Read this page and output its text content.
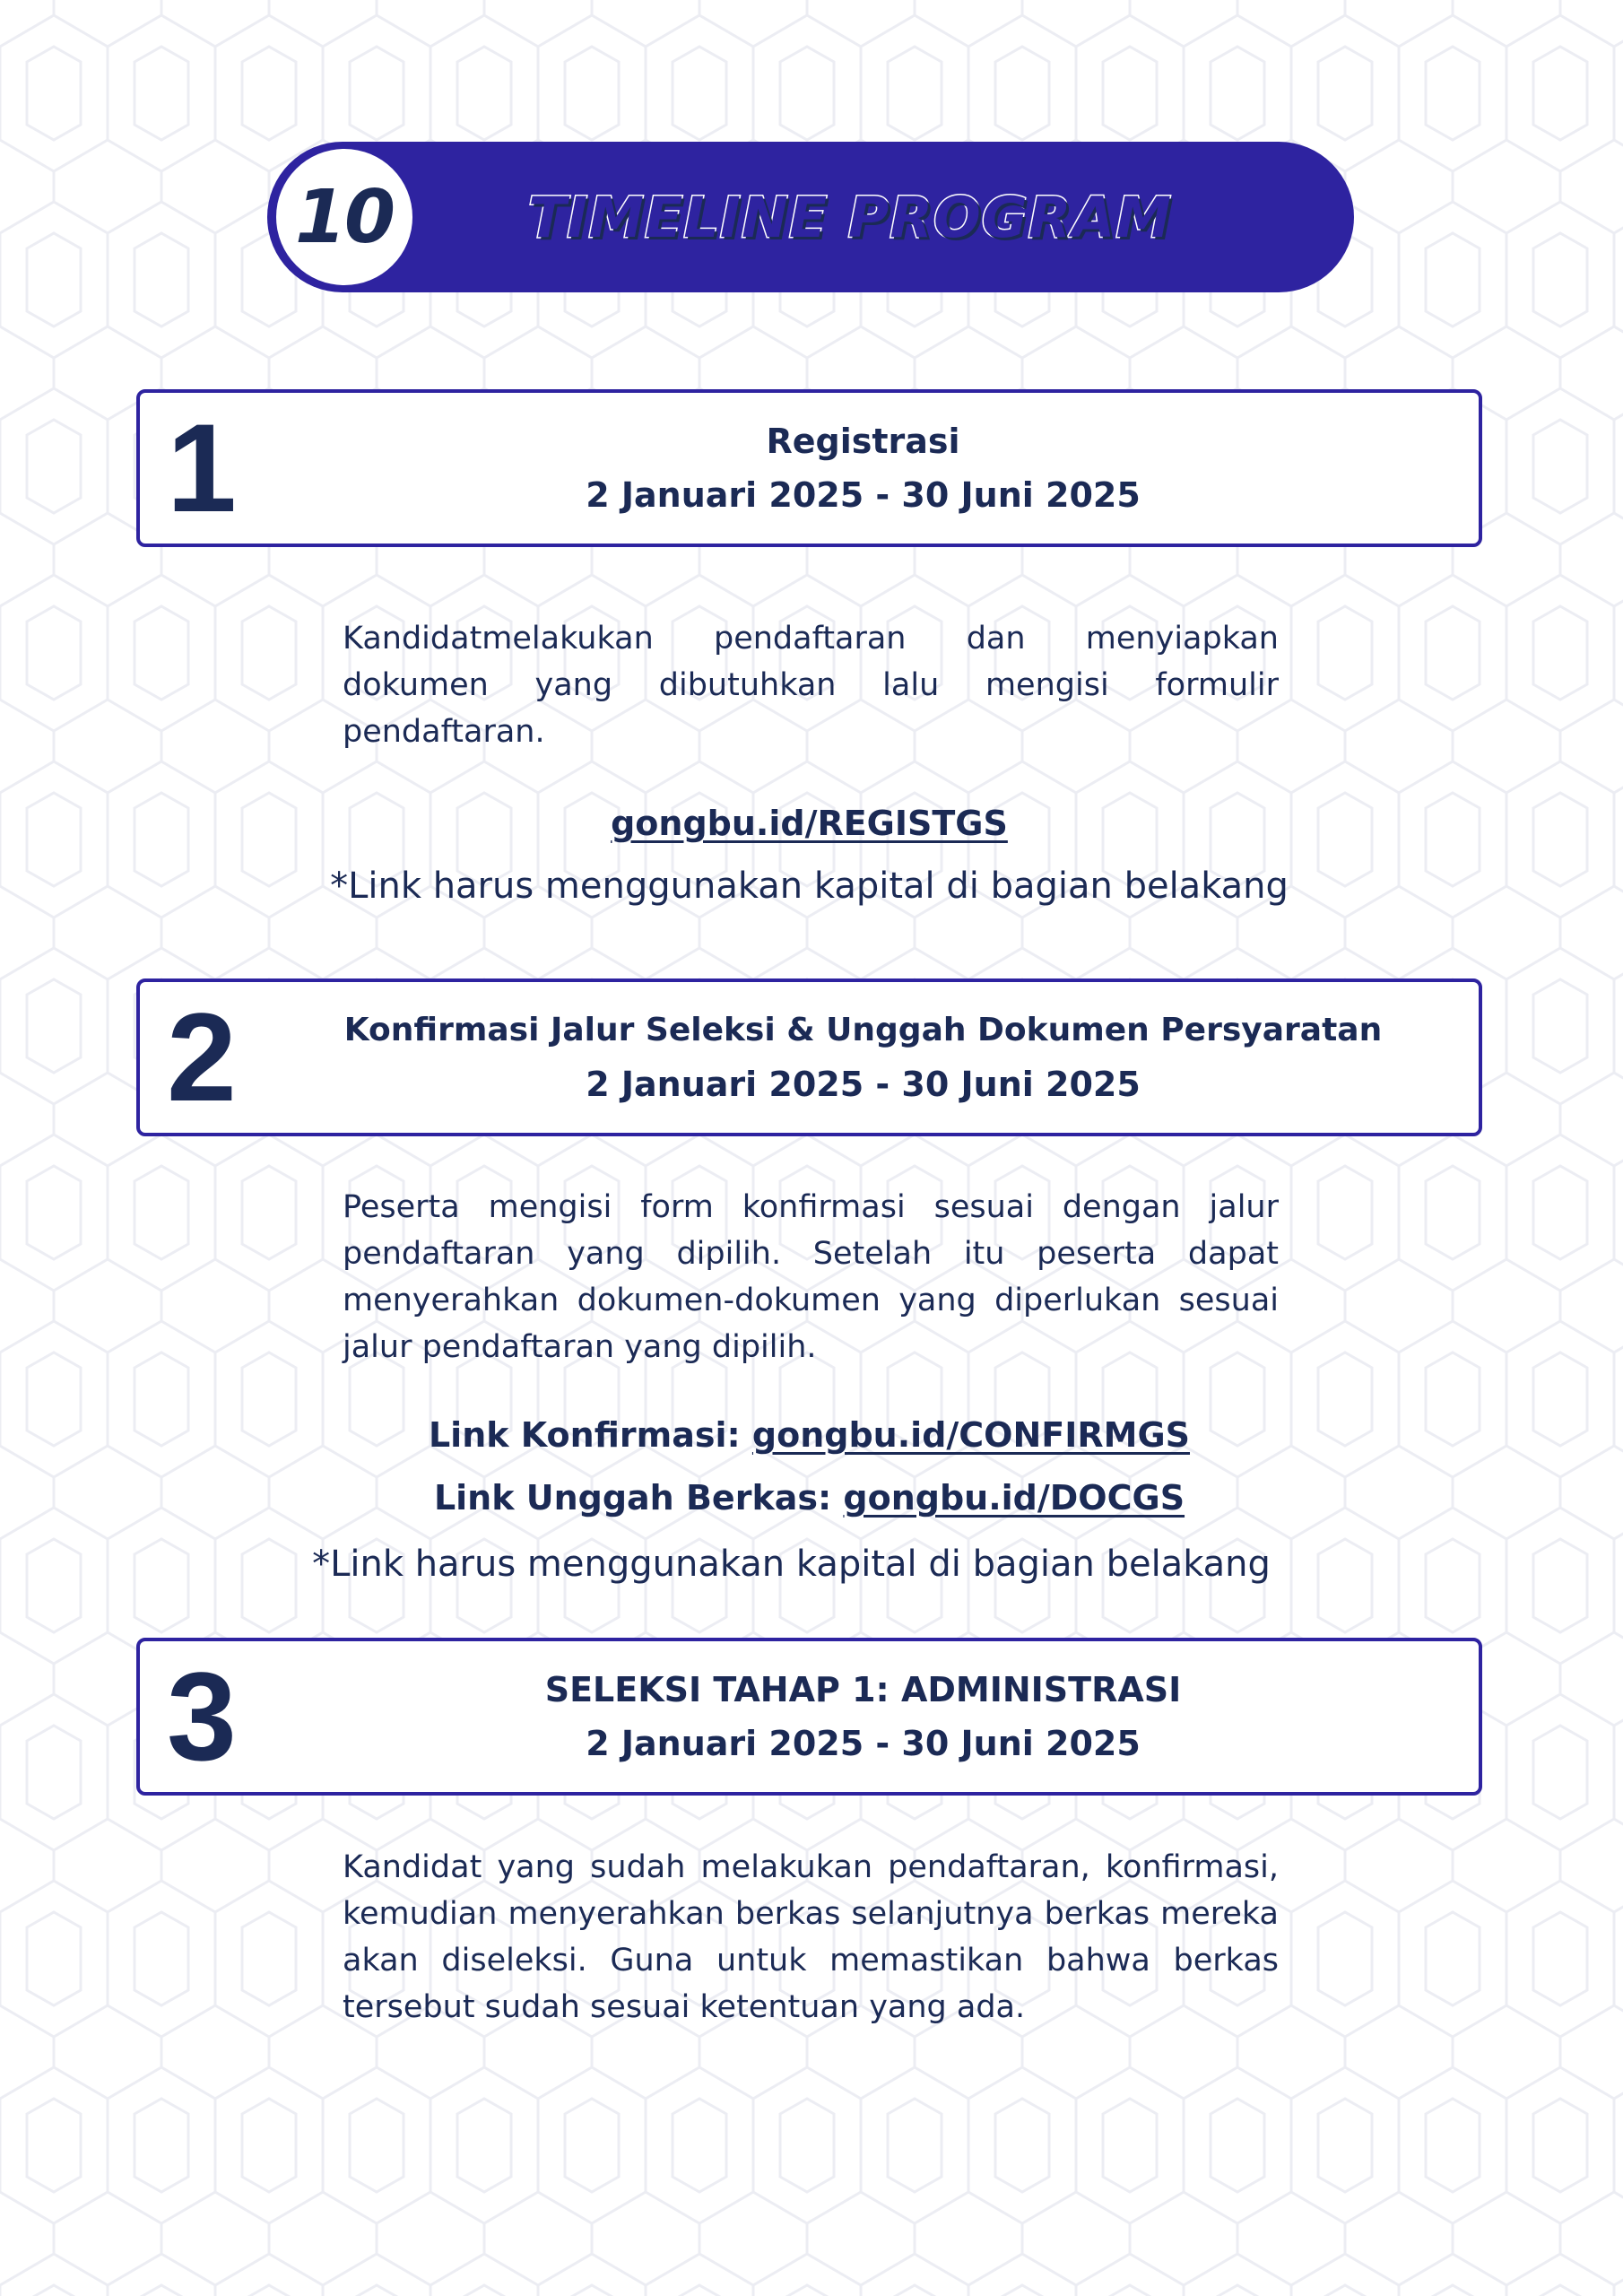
10	TIMELINE PROGRAM
1	Registrasi
2 Januari 2025 - 30 Juni 2025
Kandidatmelakukan pendaftaran dan menyiapkan dokumen yang dibutuhkan lalu mengisi formulir pendaftaran.
gongbu.id/REGISTGS
*Link harus menggunakan kapital di bagian belakang
2	Konfirmasi Jalur Seleksi & Unggah Dokumen Persyaratan
2 Januari 2025 - 30 Juni 2025
Peserta mengisi form konfirmasi sesuai dengan jalur pendaftaran yang dipilih. Setelah itu peserta dapat menyerahkan dokumen-dokumen yang diperlukan sesuai jalur pendaftaran yang dipilih.
Link Konfirmasi: gongbu.id/CONFIRMGS
Link Unggah Berkas: gongbu.id/DOCGS
*Link harus menggunakan kapital di bagian belakang
3	SELEKSI TAHAP 1: ADMINISTRASI
2 Januari 2025 - 30 Juni 2025
Kandidat yang sudah melakukan pendaftaran, konfirmasi, kemudian menyerahkan berkas selanjutnya berkas mereka akan diseleksi. Guna untuk memastikan bahwa berkas tersebut sudah sesuai ketentuan yang ada.
